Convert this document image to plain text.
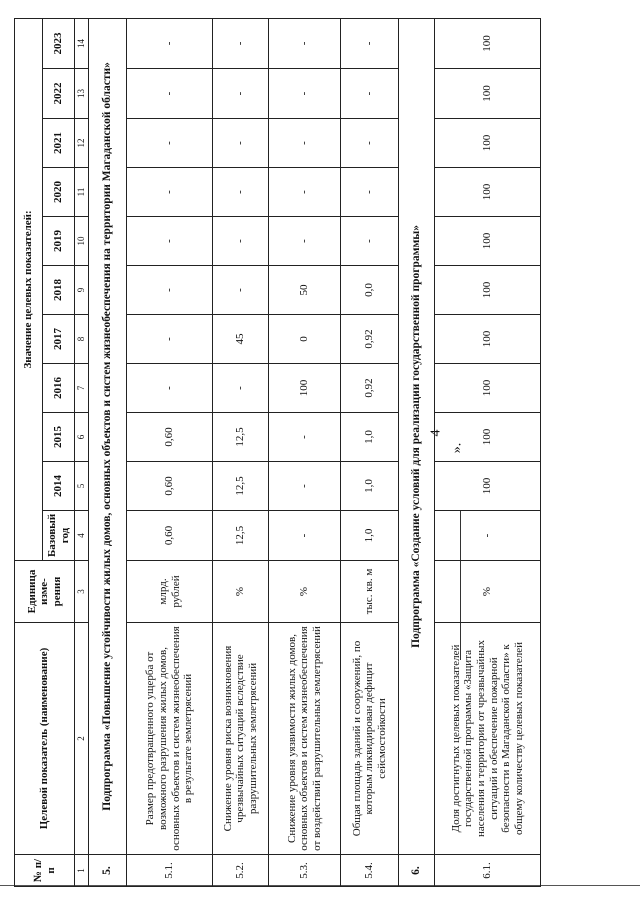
4
».
№ п/п	Целевой показатель (наименование)	Единица изме-рения	Значение целевых показателей:										
			Базовый год	2014	2015	2016	2017	2018	2019	2020	2021	2022	2023
1	2	3	4	5	6	7	8	9	10	11	12	13	14
5.	Подпрограмма «Повышение устойчивости жилых домов, основных объектов и систем жизнеобеспечения на территории Магаданской области»												
5.1.	Размер предотвращенного ущерба от возможного разрушения жилых домов, основных объектов и систем жизнеобеспечения в результате землетрясений	млрд. рублей	0,60	0,60	0,60	-	-	-	-	-	-	-	-
5.2.	Снижение уровня риска возникновения чрезвычайных ситуаций вследствие разрушительных землетрясений	%	12,5	12,5	12,5	-	45	-	-	-	-	-	-
5.3.	Снижение уровня уязвимости жилых домов, основных объектов и систем жизнеобеспечения от воздействий разрушительных землетрясений	%	-	-	-	100	0	50	-	-	-	-	-
5.4.	Общая площадь зданий и сооружений, по которым ликвидирован дефицит сейсмостойкости	тыс. кв. м	1,0	1,0	1,0	0,92	0,92	0,0	-	-	-	-	-
6.	Подпрограмма «Создание условий для реализации государственной программы»												
6.1.	Доля достигнутых целевых показателей государственной программы «Защита населения и территории от чрезвычайных ситуаций и обеспечение пожарной безопасности в Магаданской области» к общему количеству целевых показателей	%	-	100	100	100	100	100	100	100	100	100	100
